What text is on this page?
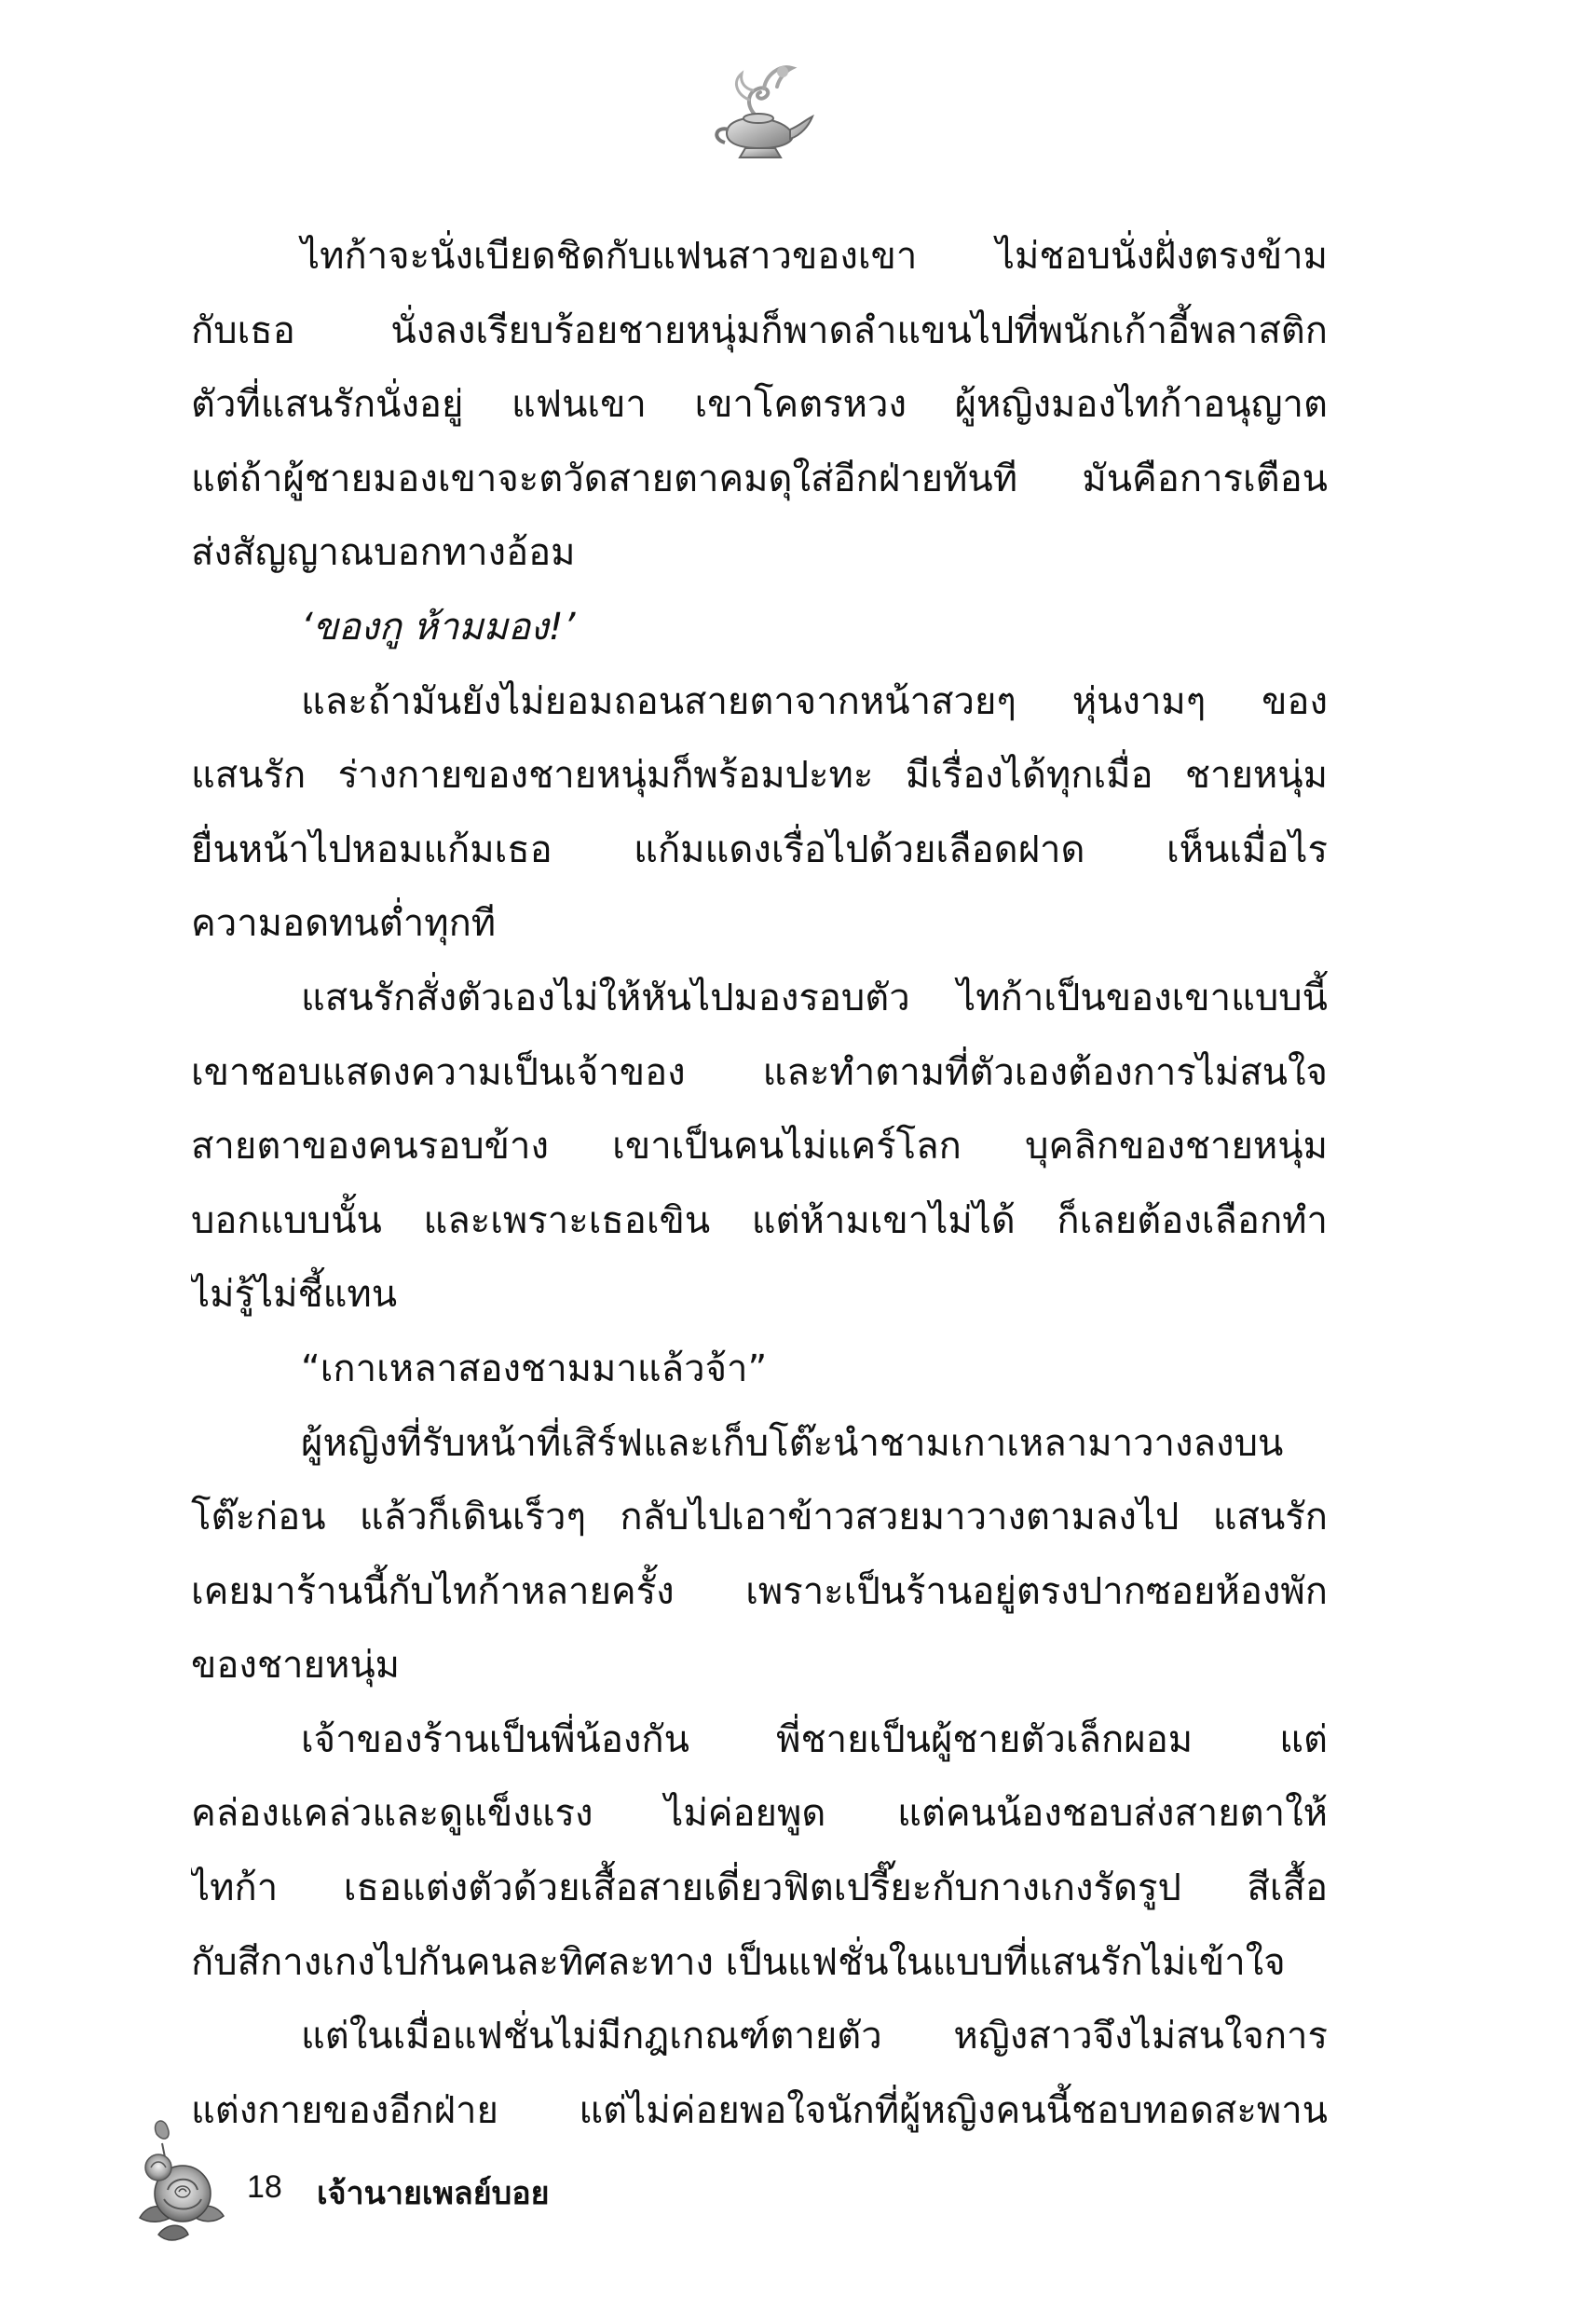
ไทก้าจะนั่งเบียดชิดกับแฟนสาวของเขา ไม่ชอบนั่งฝั่งตรงข้าม
กับเธอ นั่งลงเรียบร้อยชายหนุ่มก็พาดลำแขนไปที่พนักเก้าอี้พลาสติก
ตัวที่แสนรักนั่งอยู่ แฟนเขา เขาโคตรหวง ผู้หญิงมองไทก้าอนุญาต
แต่ถ้าผู้ชายมองเขาจะตวัดสายตาคมดุใส่อีกฝ่ายทันที มันคือการเตือน
ส่งสัญญาณบอกทางอ้อม
‘ของกู ห้ามมอง!’
และถ้ามันยังไม่ยอมถอนสายตาจากหน้าสวยๆ หุ่นงามๆ ของ
แสนรัก ร่างกายของชายหนุ่มก็พร้อมปะทะ มีเรื่องได้ทุกเมื่อ ชายหนุ่ม
ยื่นหน้าไปหอมแก้มเธอ แก้มแดงเรื่อไปด้วยเลือดฝาด เห็นเมื่อไร
ความอดทนต่ำทุกที
แสนรักสั่งตัวเองไม่ให้หันไปมองรอบตัว ไทก้าเป็นของเขาแบบนี้
เขาชอบแสดงความเป็นเจ้าของ และทำตามที่ตัวเองต้องการไม่สนใจ
สายตาของคนรอบข้าง เขาเป็นคนไม่แคร์โลก บุคลิกของชายหนุ่ม
บอกแบบนั้น และเพราะเธอเขิน แต่ห้ามเขาไม่ได้ ก็เลยต้องเลือกทำ
ไม่รู้ไม่ชี้แทน
“เกาเหลาสองชามมาแล้วจ้า”
ผู้หญิงที่รับหน้าที่เสิร์ฟและเก็บโต๊ะนำชามเกาเหลามาวางลงบน
โต๊ะก่อน แล้วก็เดินเร็วๆ กลับไปเอาข้าวสวยมาวางตามลงไป แสนรัก
เคยมาร้านนี้กับไทก้าหลายครั้ง เพราะเป็นร้านอยู่ตรงปากซอยห้องพัก
ของชายหนุ่ม
เจ้าของร้านเป็นพี่น้องกัน พี่ชายเป็นผู้ชายตัวเล็กผอม แต่
คล่องแคล่วและดูแข็งแรง ไม่ค่อยพูด แต่คนน้องชอบส่งสายตาให้
ไทก้า เธอแต่งตัวด้วยเสื้อสายเดี่ยวฟิตเปรี๊ยะกับกางเกงรัดรูป สีเสื้อ
กับสีกางเกงไปกันคนละทิศละทาง เป็นแฟชั่นในแบบที่แสนรักไม่เข้าใจ
แต่ในเมื่อแฟชั่นไม่มีกฎเกณฑ์ตายตัว หญิงสาวจึงไม่สนใจการ
แต่งกายของอีกฝ่าย แต่ไม่ค่อยพอใจนักที่ผู้หญิงคนนี้ชอบทอดสะพาน
18 เจ้านายเพลย์บอย
